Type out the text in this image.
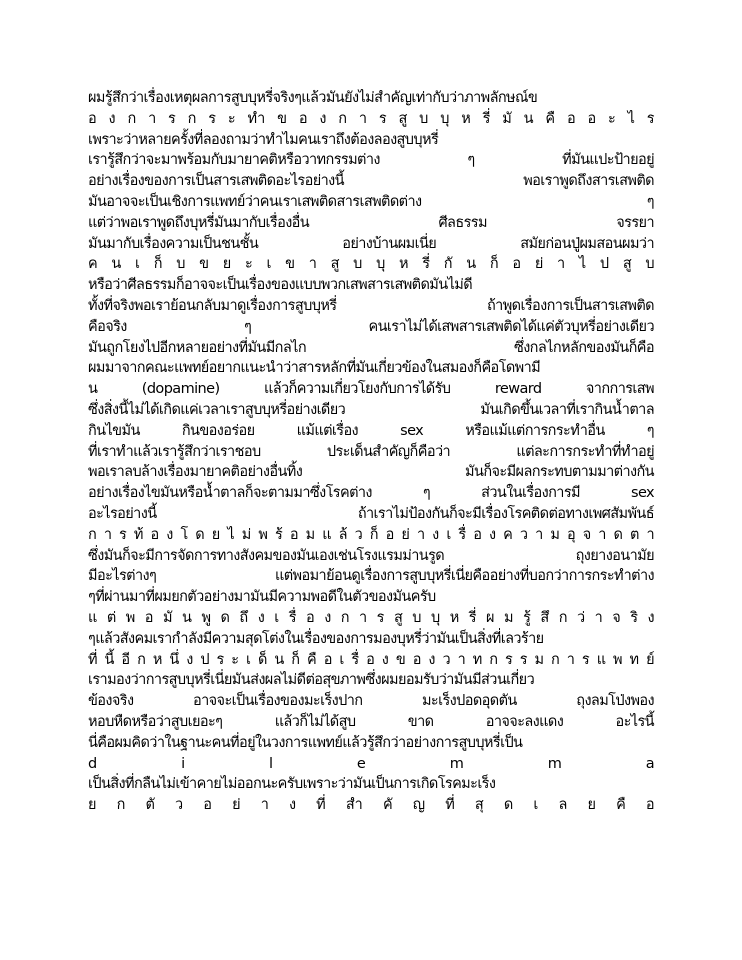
ผมรู้สึกว่าเรื่องเหตุผลการสูบบุหรี่จริงๆแล้วมันยังไม่สำคัญเท่ากับว่าภาพลักษณ์ข
อ ง ก า ร ก ร ะ ทำ ข อ ง ก า ร สู บ บุ ห รี่ มั น คื อ อ ะ ไ ร
เพราะว่าหลายครั้งที่ลองถามว่าทำไมคนเราถึงต้องลองสูบบุหรี่
เรารู้สึกว่าจะมาพร้อมกับมายาคติหรือวาทกรรมต่าง ๆ ที่มันแปะป้ายอยู่
อย่างเรื่องของการเป็นสารเสพติดอะไรอย่างนี้ พอเราพูดถึงสารเสพติด
มันอาจจะเป็นเชิงการแพทย์ว่าคนเราเสพติดสารเสพติดต่าง ๆ
แต่ว่าพอเราพูดถึงบุหรี่มันมากับเรื่องอื่น ศีลธรรม จรรยา
มันมากับเรื่องความเป็นชนชั้น อย่างบ้านผมเนี่ย สมัยก่อนปู่ผมสอนผมว่า
ค น เ ก็ บ ข ย ะ เ ข า สู บ บุ ห รี่ กั น ก็ อ ย่ า ไ ป สู บ
หรือว่าศีลธรรมก็อาจจะเป็นเรื่องของแบบพวกเสพสารเสพติดมันไม่ดี
ทั้งที่จริงพอเราย้อนกลับมาดูเรื่องการสูบบุหรี่ ถ้าพูดเรื่องการเป็นสารเสพติด
คือจริง ๆ คนเราไม่ได้เสพสารเสพติดได้แค่ตัวบุหรี่อย่างเดียว
มันถูกโยงไปอีกหลายอย่างที่มันมีกลไก ซึ่งกลไกหลักของมันก็คือ
ผมมาจากคณะแพทย์อยากแนะนำว่าสารหลักที่มันเกี่ยวข้องในสมองก็คือโดพามี
น (dopamine) แล้วก็ความเกี่ยวโยงกับการได้รับ reward จากการเสพ
ซึ่งสิ่งนี้ไม่ได้เกิดแค่เวลาเราสูบบุหรี่อย่างเดียว มันเกิดขึ้นเวลาที่เรากินน้ำตาล
กินไขมัน กินของอร่อย แม้แต่เรื่อง sex หรือแม้แต่การกระทำอื่น ๆ
ที่เราทำแล้วเรารู้สึกว่าเราชอบ ประเด็นสำคัญก็คือว่า แต่ละการกระทำที่ทำอยู่
พอเราลบล้างเรื่องมายาคติอย่างอื่นทิ้ง มันก็จะมีผลกระทบตามมาต่างกัน
อย่างเรื่องไขมันหรือน้ำตาลก็จะตามมาซึ่งโรคต่าง ๆ ส่วนในเรื่องการมี sex
อะไรอย่างนี้ ถ้าเราไม่ป้องกันก็จะมีเรื่องโรคติดต่อทางเพศสัมพันธ์
ก า ร ท้ อ ง โ ด ย ไ ม่ พ ร้ อ ม แ ล้ ว ก็ อ ย่ า ง เ รื่ อ ง ค ว า ม อุ จ า ด ต า
ซึ่งมันก็จะมีการจัดการทางสังคมของมันเองเช่นโรงแรมม่านรูด ถุงยางอนามัย
มีอะไรต่างๆ แต่พอมาย้อนดูเรื่องการสูบบุหรี่เนี่ยคืออย่างที่บอกว่าการกระทำต่าง
ๆที่ผ่านมาที่ผมยกตัวอย่างมามันมีความพอดีในตัวของมันครับ
แ ต่ พ อ มั น พู ด ถึ ง เ รื่ อ ง ก า ร สู บ บุ ห รี่ ผ ม รู้ สึ ก ว่ า จ ริ ง
ๆแล้วสังคมเรากำลังมีความสุดโต่งในเรื่องของการมองบุหรี่ว่ามันเป็นสิ่งที่เลวร้าย
ที่ นี้ อี ก ห นึ่ ง ป ร ะ เ ด็ น ก็ คื อ เ รื่ อ ง ข อ ง ว า ท ก ร ร ม ก า ร แ พ ท ย์
เรามองว่าการสูบบุหรี่เนี่ยมันส่งผลไม่ดีต่อสุขภาพซึ่งผมยอมรับว่ามันมีส่วนเกี่ยว
ข้องจริง อาจจะเป็นเรื่องของมะเร็งปาก มะเร็งปอดอุดตัน ถุงลมโป่งพอง
หอบหืดหรือว่าสูบเยอะๆ แล้วก็ไม่ได้สูบ ขาด อาจจะลงแดง อะไรนี้
นี่คือผมคิดว่าในฐานะคนที่อยู่ในวงการแพทย์แล้วรู้สึกว่าอย่างการสูบบุหรี่เป็น
d i l e m m a
เป็นสิ่งที่กลืนไม่เข้าคายไม่ออกนะครับเพราะว่ามันเป็นการเกิดโรคมะเร็ง
ย ก ตั ว อ ย่ า ง ที่ สำ คั ญ ที่ สุ ด เ ล ย คื อ
